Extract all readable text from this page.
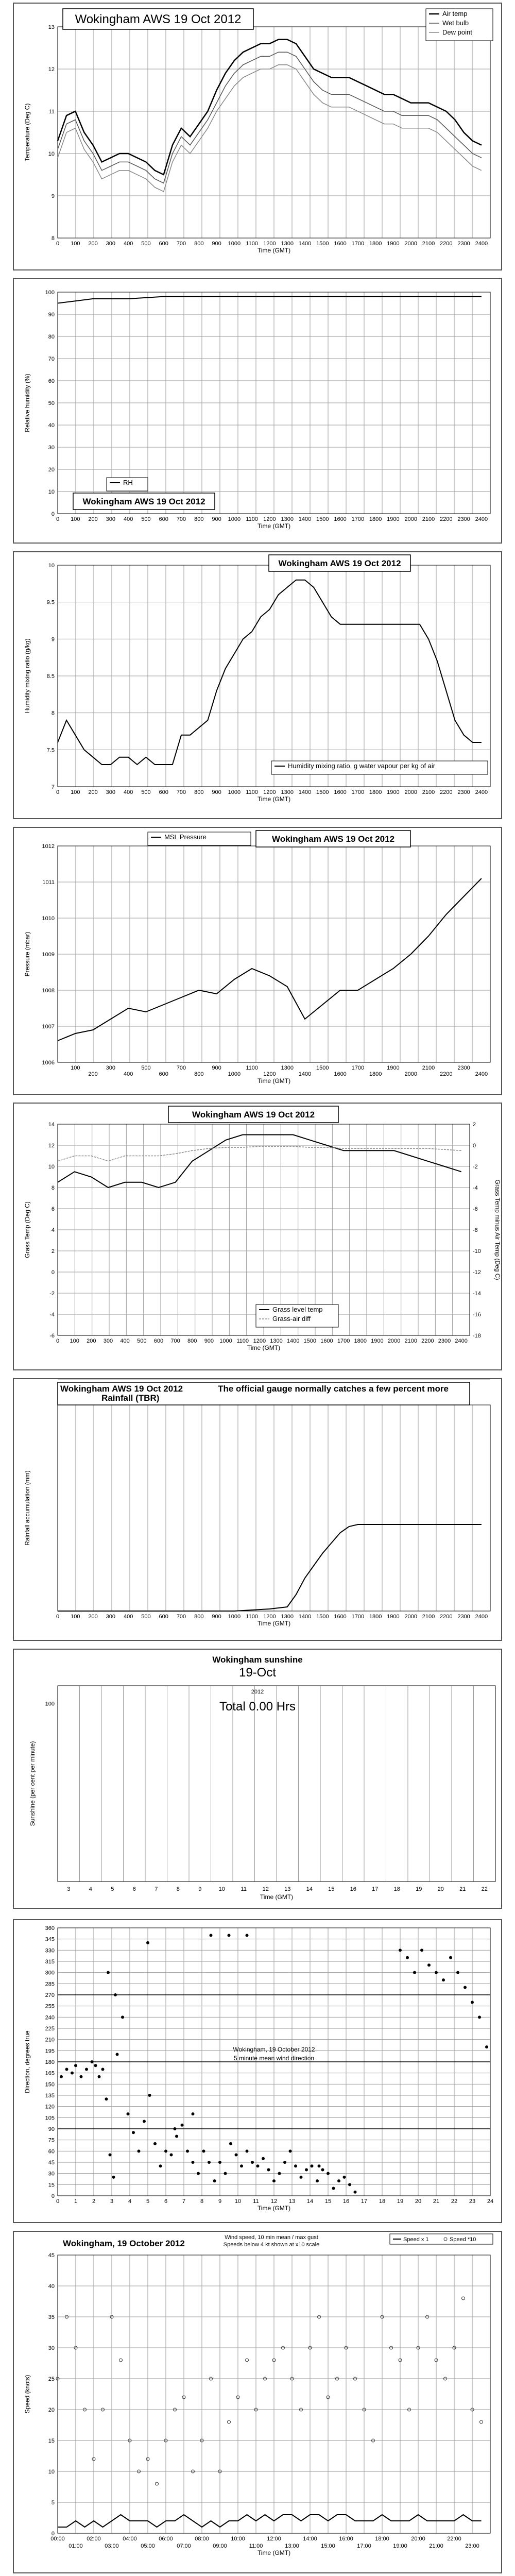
8
9
10
11
12
13
0 100 200 300 400 500 600 700 800 900 1000 1100 1200 1300 1400 1500 1600 1700 1800 1900 2000 2100 2200 2300 2400
Time (GMT)
Temperature (Deg C)
Wokingham AWS 19 Oct 2012	Air temp
Wet bulb
Dew point
0
10
20
30
40
50
60
70
80
90
100
0 100 200 300 400 500 600 700 800 900 1000 1100 1200 1300 1400 1500 1600 1700 1800 1900 2000 2100 2200 2300 2400
Time (GMT)
Relative humidity (%)
RH
Wokingham AWS 19 Oct 2012
7
7.5
8
8.5
9
9.5
10
0 100 200 300 400 500 600 700 800 900 1000 1100 1200 1300 1400 1500 1600 1700 1800 1900 2000 2100 2200 2300 2400
Time (GMT)
Humidity mixing ratio (g/kg)
Wokingham AWS 19 Oct 2012
Humidity mixing ratio, g water vapour per kg of air
1006
1007
1008
1009
1010
1011
1012
100
200
300
400
500
600
700
800
900
1000
1100
1200
1300
1400
1500
1600
1700
1800
1900
2000
2100
2200
2300
2400
Time (GMT)
Pressure (mbar)
MSL Pressure	Wokingham AWS 19 Oct 2012
-6
-4
-2
0
2
4
6
8
10
12
14
-18
-16
-14
-12
-10
-8
-6
-4
-2
0
2
0 100 200 300 400 500 600 700 800 900 1000 1100 1200 1300 1400 1500 1600 1700 1800 1900 2000 2100 2200 2300 2400
Time (GMT)
Grass Temp (Deg C)	Grass Temp minus Air Temp (Deg C)
Wokingham AWS 19 Oct 2012
Grass level temp
Grass-air diff
0 100 200 300 400 500 600 700 800 900 1000 1100 1200 1300 1400 1500 1600 1700 1800 1900 2000 2100 2200 2300 2400
Time (GMT)
Rainfall accumulation (mm)
Wokingham AWS 19 Oct 2012
Rainfall (TBR)
The official gauge normally catches a few percent more
3	4	5	6	7	8	9	10	11	12	13	14	15	16	17	18	19	20	21	22
Time (GMT)
100
Sunshine (per cent per minute)
Wokingham sunshine
19-Oct
2012
Total 0.00 Hrs
0
15
30
45
60
75
90
105
120
135
150
165
180
195
210
225
240
255
270
285
300
315
330
345
360
0	1	2	3	4	5	6	7	8	9 10 11 12 13 14 15 16 17 18 19 20 21 22 23 24
Time (GMT)
Direction, degrees true	Wokingham, 19 October 2012
5 minute mean wind direction
0
5
10
15
20
25
30
35
40
45
00:00	02:00	04:00	06:00	08:00	10:00	12:00	14:00	16:00	18:00	20:00	22:00
01:00	03:00	05:00	07:00	09:00	11:00	13:00	15:00	17:00	19:00	21:00	23:00
Time (GMT)
Speed (knots)
Wokingham, 19 October 2012
Wind speed, 10 min mean / max gust
Speeds below 4 kt shown at x10 scale
Speed x 1	Speed *10
